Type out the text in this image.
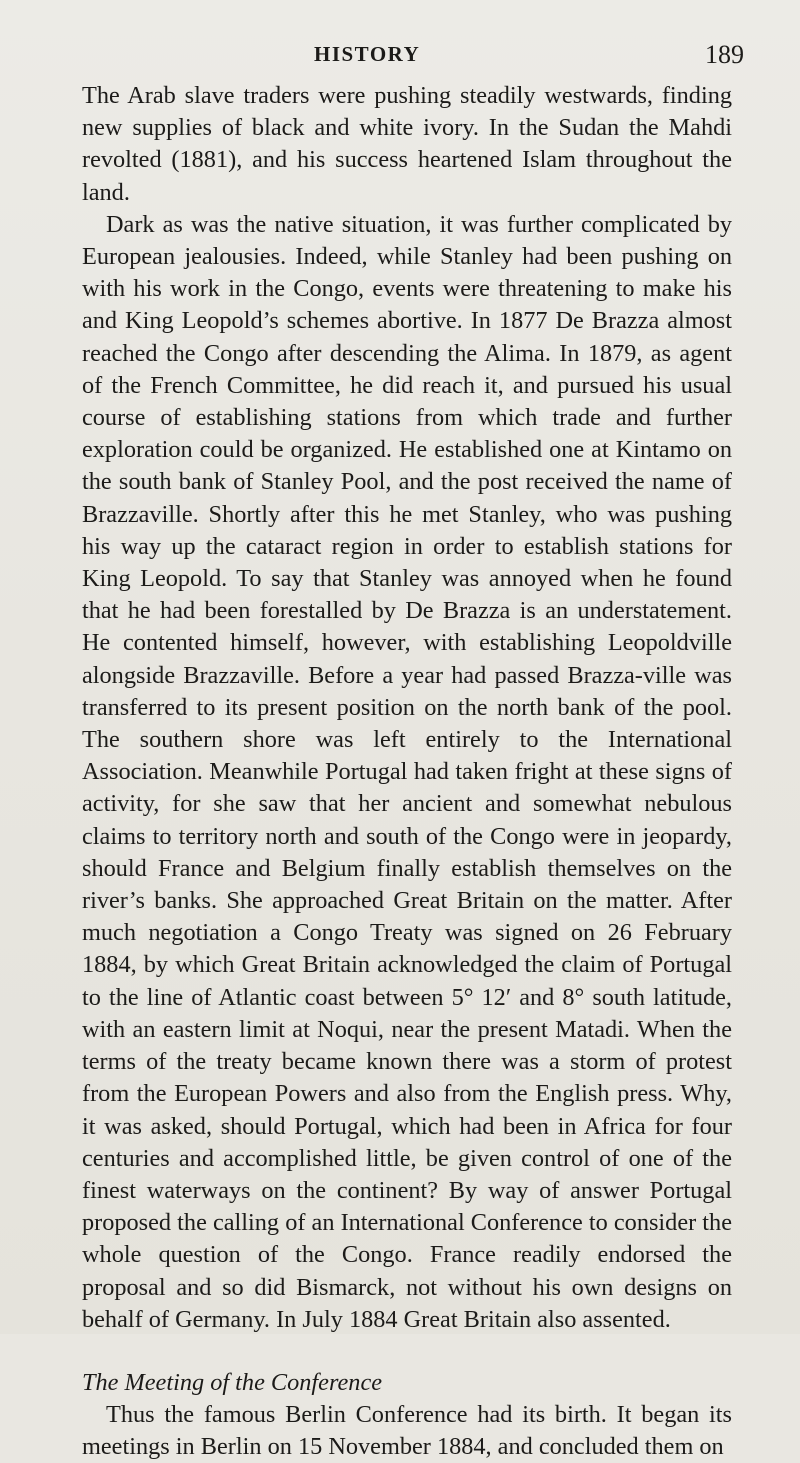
HISTORY	189

The Arab slave traders were pushing steadily westwards, finding new supplies of black and white ivory. In the Sudan the Mahdi revolted (1881), and his success heartened Islam throughout the land.

Dark as was the native situation, it was further complicated by European jealousies. Indeed, while Stanley had been pushing on with his work in the Congo, events were threatening to make his and King Leopold’s schemes abortive. In 1877 De Brazza almost reached the Congo after descending the Alima. In 1879, as agent of the French Committee, he did reach it, and pursued his usual course of establishing stations from which trade and further exploration could be organized. He established one at Kintamo on the south bank of Stanley Pool, and the post received the name of Brazzaville. Shortly after this he met Stanley, who was pushing his way up the cataract region in order to establish stations for King Leopold. To say that Stanley was annoyed when he found that he had been forestalled by De Brazza is an understatement. He contented himself, however, with establishing Leopoldville alongside Brazzaville. Before a year had passed Brazza-ville was transferred to its present position on the north bank of the pool. The southern shore was left entirely to the International Association. Meanwhile Portugal had taken fright at these signs of activity, for she saw that her ancient and somewhat nebulous claims to territory north and south of the Congo were in jeopardy, should France and Belgium finally establish themselves on the river’s banks. She approached Great Britain on the matter. After much negotiation a Congo Treaty was signed on 26 February 1884, by which Great Britain acknowledged the claim of Portugal to the line of Atlantic coast between 5° 12′ and 8° south latitude, with an eastern limit at Noqui, near the present Matadi. When the terms of the treaty became known there was a storm of protest from the European Powers and also from the English press. Why, it was asked, should Portugal, which had been in Africa for four centuries and accomplished little, be given control of one of the finest waterways on the continent? By way of answer Portugal proposed the calling of an International Conference to consider the whole question of the Congo. France readily endorsed the proposal and so did Bismarck, not without his own designs on behalf of Germany. In July 1884 Great Britain also assented.

The Meeting of the Conference

Thus the famous Berlin Conference had its birth. It began its meetings in Berlin on 15 November 1884, and concluded them on
